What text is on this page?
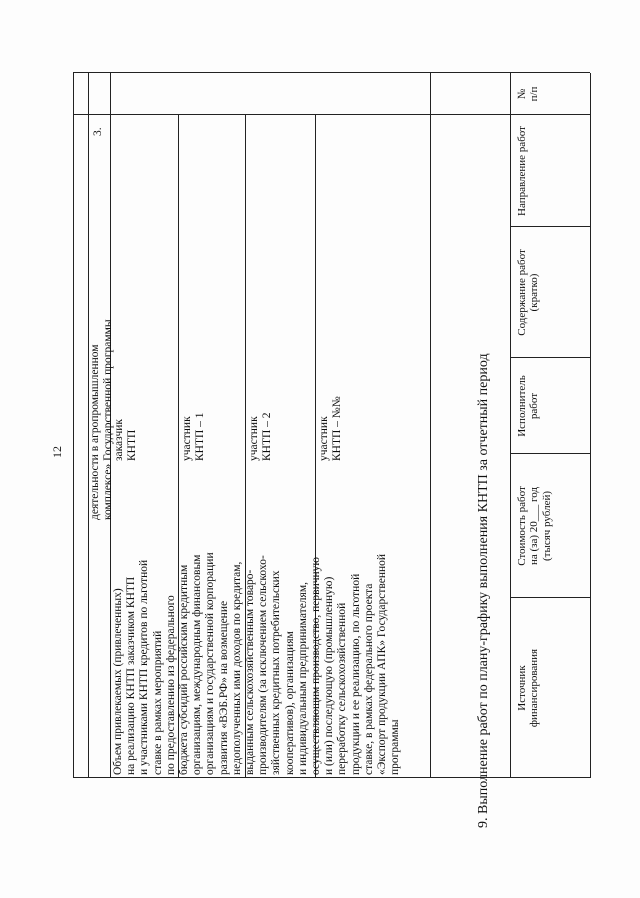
12
деятельности в агропромышленном
комплексе» Государственной программы
3.
Объем привлекаемых (привлеченных)
на реализацию КНТП заказчиком КНТП
и участниками КНТП кредитов по льготной
ставке в рамках мероприятий
по предоставлению из федерального
бюджета субсидий российским кредитным
организациям, международным финансовым
организациям и государственной корпорации
развития «ВЭБ.РФ» на возмещение
недополученных ими доходов по кредитам,
выданным сельскохозяйственным товаро-
производителям (за исключением сельскохо-
зяйственных кредитных потребительских
кооперативов), организациям
и индивидуальным предпринимателям,
осуществляющим производство, первичную
и (или) последующую (промышленную)
переработку сельскохозяйственной
продукции и ее реализацию, по льготной
ставке, в рамках федерального проекта
«Экспорт продукции АПК» Государственной
программы
заказчик
КНТП	участник
КНТП – 1
участник
КНТП – 2
участник
КНТП – №№	9. Выполнение работ по плану-графику выполнения КНТП за отчетный период
№
п/п
Направление работ
Содержание работ
(кратко)
Исполнитель
работ
Стоимость работ
на (за) 20___ год
(тысяч рублей)
Источник
финансирования
